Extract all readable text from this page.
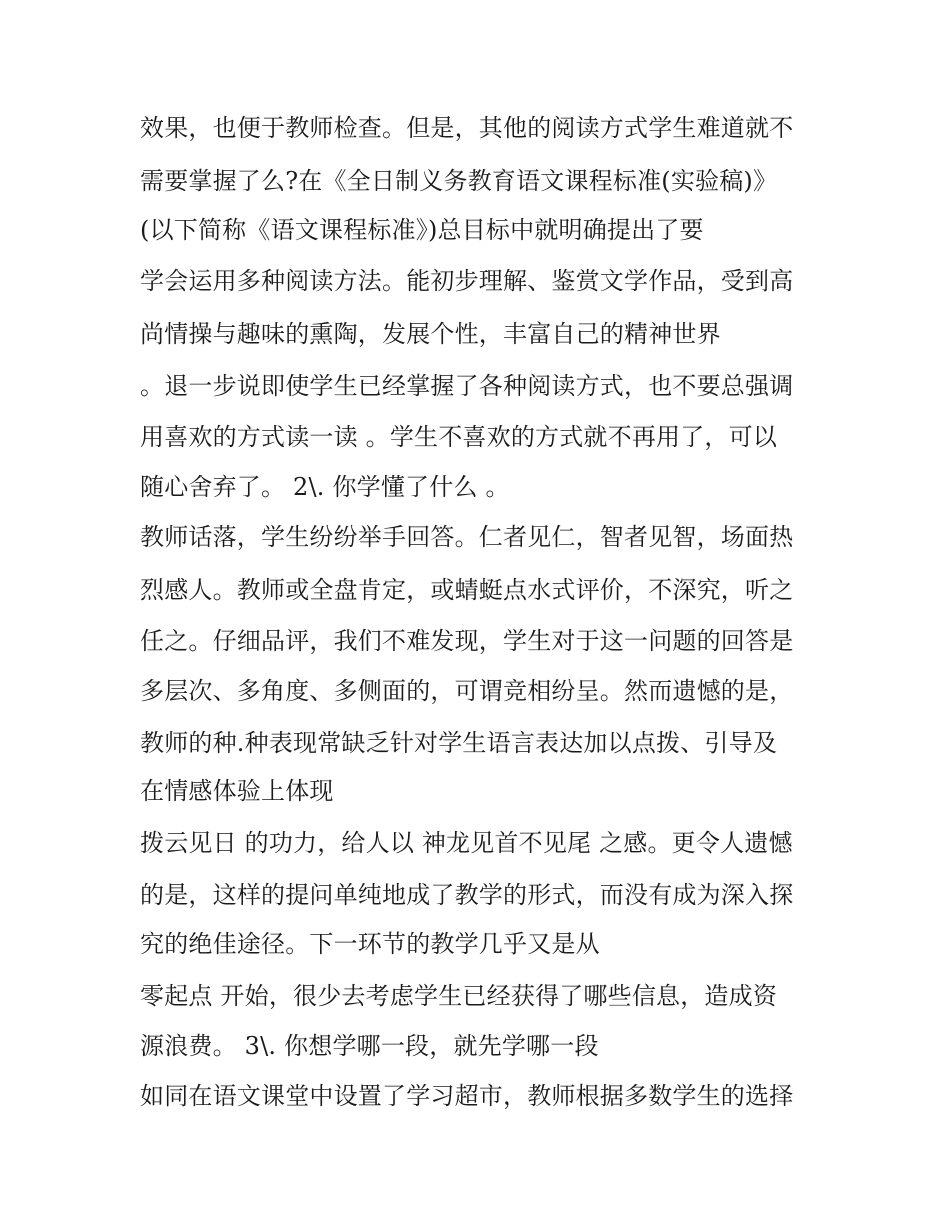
效果，也便于教师检查。但是，其他的阅读方式学生难道就不
需要掌握了么?在《全日制义务教育语文课程标准(实验稿)》
(以下简称《语文课程标准》)总目标中就明确提出了要
学会运用多种阅读方法。能初步理解、鉴赏文学作品，受到高
尚情操与趣味的熏陶，发展个性，丰富自己的精神世界
。退一步说即使学生已经掌握了各种阅读方式，也不要总强调
用喜欢的方式读一读 。学生不喜欢的方式就不再用了，可以
随心舍弃了。 2\. 你学懂了什么 。
教师话落，学生纷纷举手回答。仁者见仁，智者见智，场面热
烈感人。教师或全盘肯定，或蜻蜓点水式评价，不深究，听之
任之。仔细品评，我们不难发现，学生对于这一问题的回答是
多层次、多角度、多侧面的，可谓竞相纷呈。然而遗憾的是，
教师的种.种表现常缺乏针对学生语言表达加以点拨、引导及
在情感体验上体现
拨云见日 的功力，给人以 神龙见首不见尾 之感。更令人遗憾
的是，这样的提问单纯地成了教学的形式，而没有成为深入探
究的绝佳途径。下一环节的教学几乎又是从
零起点 开始，很少去考虑学生已经获得了哪些信息，造成资
源浪费。 3\. 你想学哪一段，就先学哪一段
如同在语文课堂中设置了学习超市，教师根据多数学生的选择
